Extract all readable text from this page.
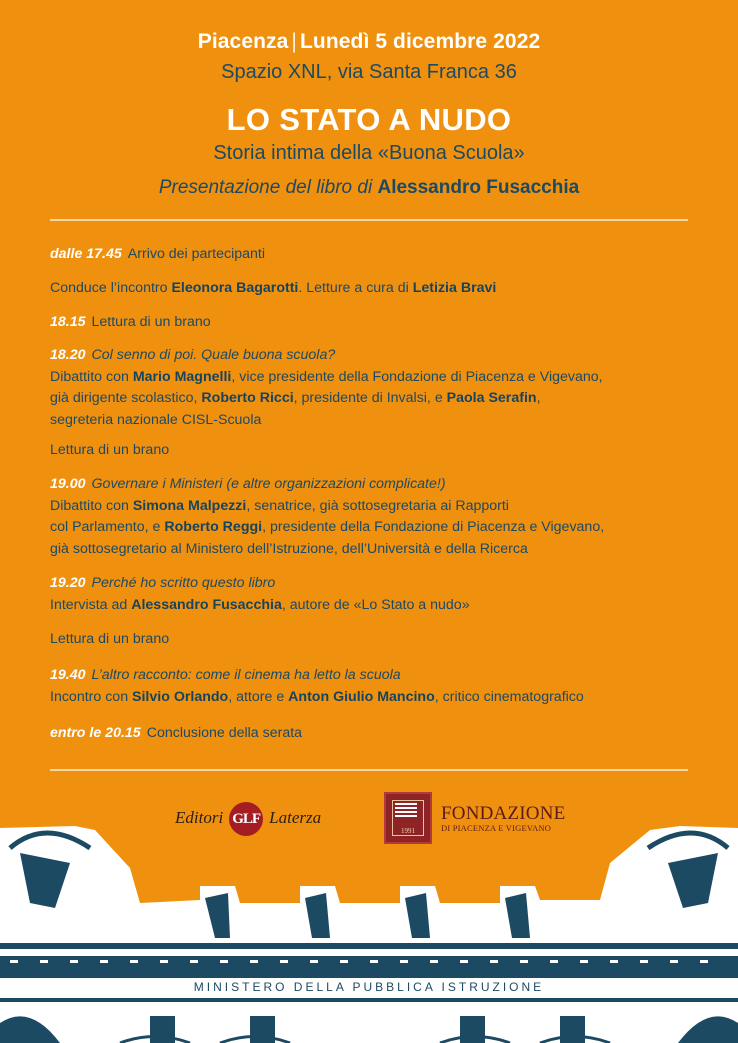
Piacenza | Lunedì 5 dicembre 2022
Spazio XNL, via Santa Franca 36
LO STATO A NUDO
Storia intima della «Buona Scuola»
Presentazione del libro di Alessandro Fusacchia
dalle 17.45 Arrivo dei partecipanti
Conduce l’incontro Eleonora Bagarotti. Letture a cura di Letizia Bravi
18.15 Lettura di un brano
18.20 Col senno di poi. Quale buona scuola?
Dibattito con Mario Magnelli, vice presidente della Fondazione di Piacenza e Vigevano,
già dirigente scolastico, Roberto Ricci, presidente di Invalsi, e Paola Serafin,
segreteria nazionale CISL-Scuola
Lettura di un brano
19.00 Governare i Ministeri (e altre organizzazioni complicate!)
Dibattito con Simona Malpezzi, senatrice, già sottosegretaria ai Rapporti
col Parlamento, e Roberto Reggi, presidente della Fondazione di Piacenza e Vigevano,
già sottosegretario al Ministero dell’Istruzione, dell’Università e della Ricerca
19.20 Perché ho scritto questo libro
Intervista ad Alessandro Fusacchia, autore de «Lo Stato a nudo»
Lettura di un brano
19.40 L’altro racconto: come il cinema ha letto la scuola
Incontro con Silvio Orlando, attore e Anton Giulio Mancino, critico cinematografico
entro le 20.15 Conclusione della serata
Editori GLF Laterza
1991
FONDAZIONE
DI PIACENZA E VIGEVANO
MINISTERO DELLA PUBBLICA ISTRUZIONE
